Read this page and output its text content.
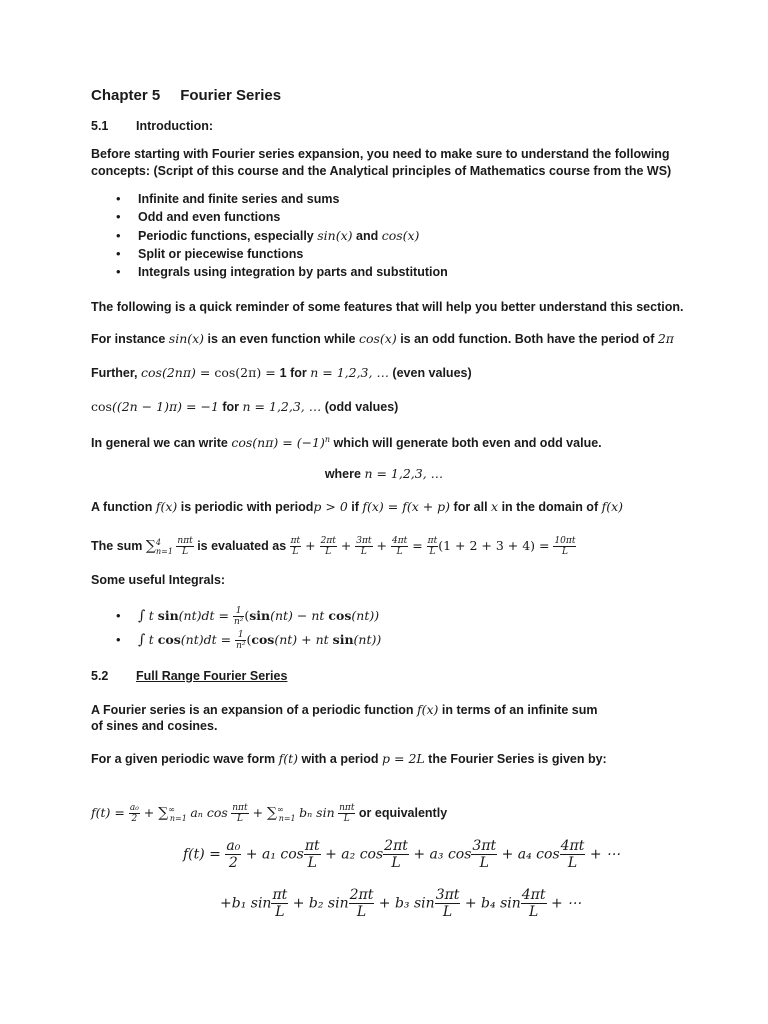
Chapter 5 Fourier Series
5.1 Introduction:
Before starting with Fourier series expansion, you need to make sure to understand the following
concepts: (Script of this course and the Analytical principles of Mathematics course from the WS)
• Infinite and finite series and sums
• Odd and even functions
• Periodic functions, especially sin(x) and cos(x)
• Split or piecewise functions
• Integrals using integration by parts and substitution
The following is a quick reminder of some features that will help you better understand this section.
For instance sin(x) is an even function while cos(x) is an odd function. Both have the period of 2π
Further, cos(2nπ) = cos(2π) = 1 for n = 1,2,3, … (even values)
cos((2n − 1)π) = −1 for n = 1,2,3, … (odd values)
In general we can write $\cos(n\pi) = (-1)^n$ which will generate both even and odd value.
where n = 1,2,3, …
A function f(x) is periodic with periodp > 0 if f(x) = f(x + p) for all x in the domain of f(x)
The sum $\sum^4_{n=1} \frac{\text{nπt}}{L}$ is evaluated as $\frac{\pi t}{L} + \frac{2\pi t}{L} + \frac{3\pi t}{L} + \frac{4\pi t}{L} = \frac{\pi t}{L} (1 + 2 + 3 + 4) = \frac{10\pi t}{L}$
Some useful Integrals:
• ∫ t $\sin(nt)dt = \frac{1}{\text{n²}} (\sin(nt)$ − nt cos(nt))
• ∫ t $\cos(nt)dt = \frac{1}{\text{n²}} (\cos(nt)$ + nt sin(nt))
5.2 Full Range Fourier Series
A Fourier series is an expansion of a periodic function f(x) in terms of an infinite sum
of sines and cosines.
For a given periodic wave form f(t) with a period p = 2L the Fourier Series is given by:
$f(t) = \frac{\text{a₀}}{2} + \sum^\infty_{n=1}$ aₙ $\cos \frac{\text{nπt}}{L} + \sum^\infty_{n=1}$ bₙ $\sin \frac{\text{nπt}}{L}$ or equivalently
$f(t) = \frac{\text{a₀}}{2} + a_1$ $\cos \frac{\pi t}{L} + a_2$ $\cos \frac{2\pi t}{L} + a_3$ $\cos \frac{3\pi t}{L} + a_4$ $\cos \frac{4\pi t}{L}$ + ⋯
+b₁ $\sin \frac{\pi t}{L} + b_2$ $\sin \frac{2\pi t}{L} + b_3$ $\sin \frac{3\pi t}{L} + b_4$ $\sin \frac{4\pi t}{L}$ + ⋯
